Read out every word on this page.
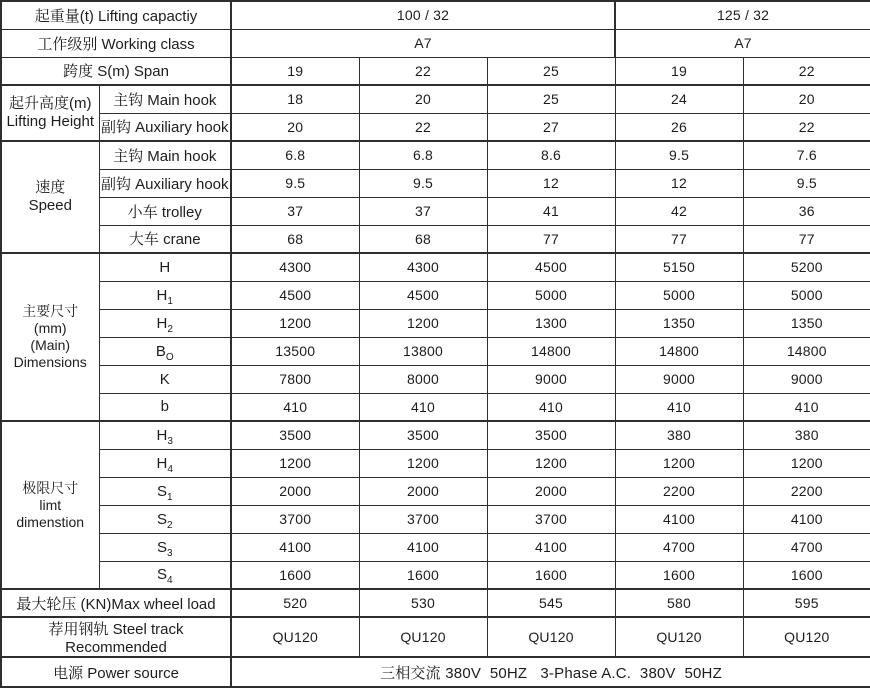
起重量(t) Lifting capactiy		100 / 32			125 / 32	
工作级别 Working class		A7			A7	
跨度 S(m) Span		19	22	25	19	22

起升高度(m)
Lifting Height	主钩 Main hook	18	20	25	24	20
	副钩 Auxiliary hook	20	22	27	26	22

速度
Speed	主钩 Main hook	6.8	6.8	8.6	9.5	7.6
	副钩 Auxiliary hook	9.5	9.5	12	12	9.5
	小车 trolley	37	37	41	42	36
	大车 crane	68	68	77	77	77

主要尺寸
(mm)
(Main)
Dimensions	H	4300	4300	4500	5150	5200
	$H_1$	4500	4500	5000	5000	5000
	$H_2$	1200	1200	1300	1350	1350
	$B_O$	13500	13800	14800	14800	14800
	K	7800	8000	9000	9000	9000
	b	410	410	410	410	410

极限尺寸
limt
dimenstion	$H_3$	3500	3500	3500	380	380
	$H_4$	1200	1200	1200	1200	1200
	$S_1$	2000	2000	2000	2200	2200
	$S_2$	3700	3700	3700	4100	4100
	$S_3$	4100	4100	4100	4700	4700
	$S_4$	1600	1600	1600	1600	1600
最大轮压 (KN)Max wheel load		520	530	545	580	595

荐用钢轨 Steel track
Recommended		QU120	QU120	QU120	QU120	QU120
电源 Power source		三相交流 380V  50HZ   3-Phase A.C.  380V  50HZ				
